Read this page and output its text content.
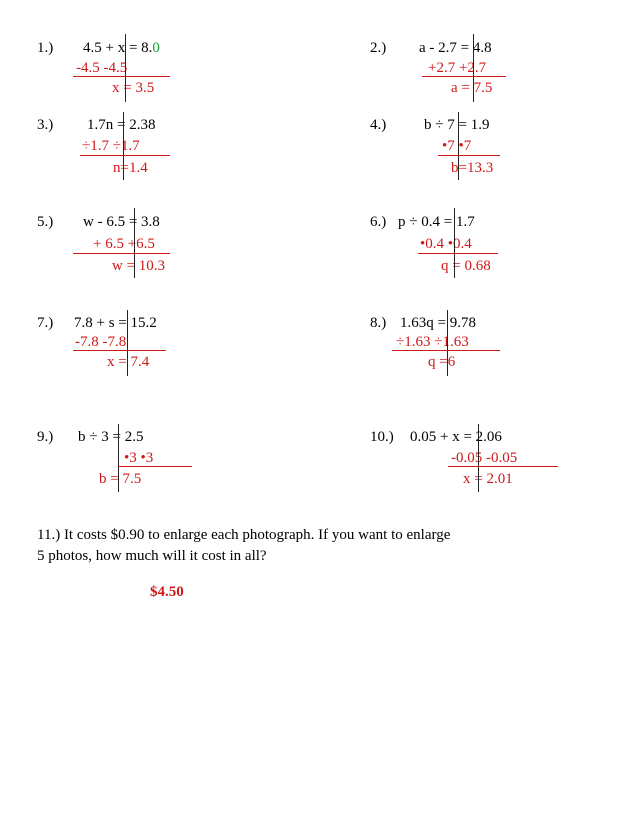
1.) 4.5 + x = 8.0
-4.5 -4.5
x = 3.5
2.) a - 2.7 = 4.8
+2.7 +2.7
a = 7.5
3.) 1.7n = 2.38
÷1.7 ÷1.7
n=1.4
4.)	b ÷ 7 = 1.9
•7 •7
b=13.3
5.) w - 6.5 = 3.8
+ 6.5 +6.5
w = 10.3
6.) p ÷ 0.4 = 1.7
•0.4 •0.4
q = 0.68
7.) 7.8 + s = 15.2
-7.8 -7.8
x = 7.4
8.) 1.63q = 9.78
÷1.63 ÷1.63
q =6
9.) b ÷ 3 = 2.5
•3 •3
b = 7.5
10.) 0.05 + x = 2.06
-0.05 -0.05
x = 2.01
11.) It costs $0.90 to enlarge each photograph. If you want to enlarge
5 photos, how much will it cost in all?
$4.50
